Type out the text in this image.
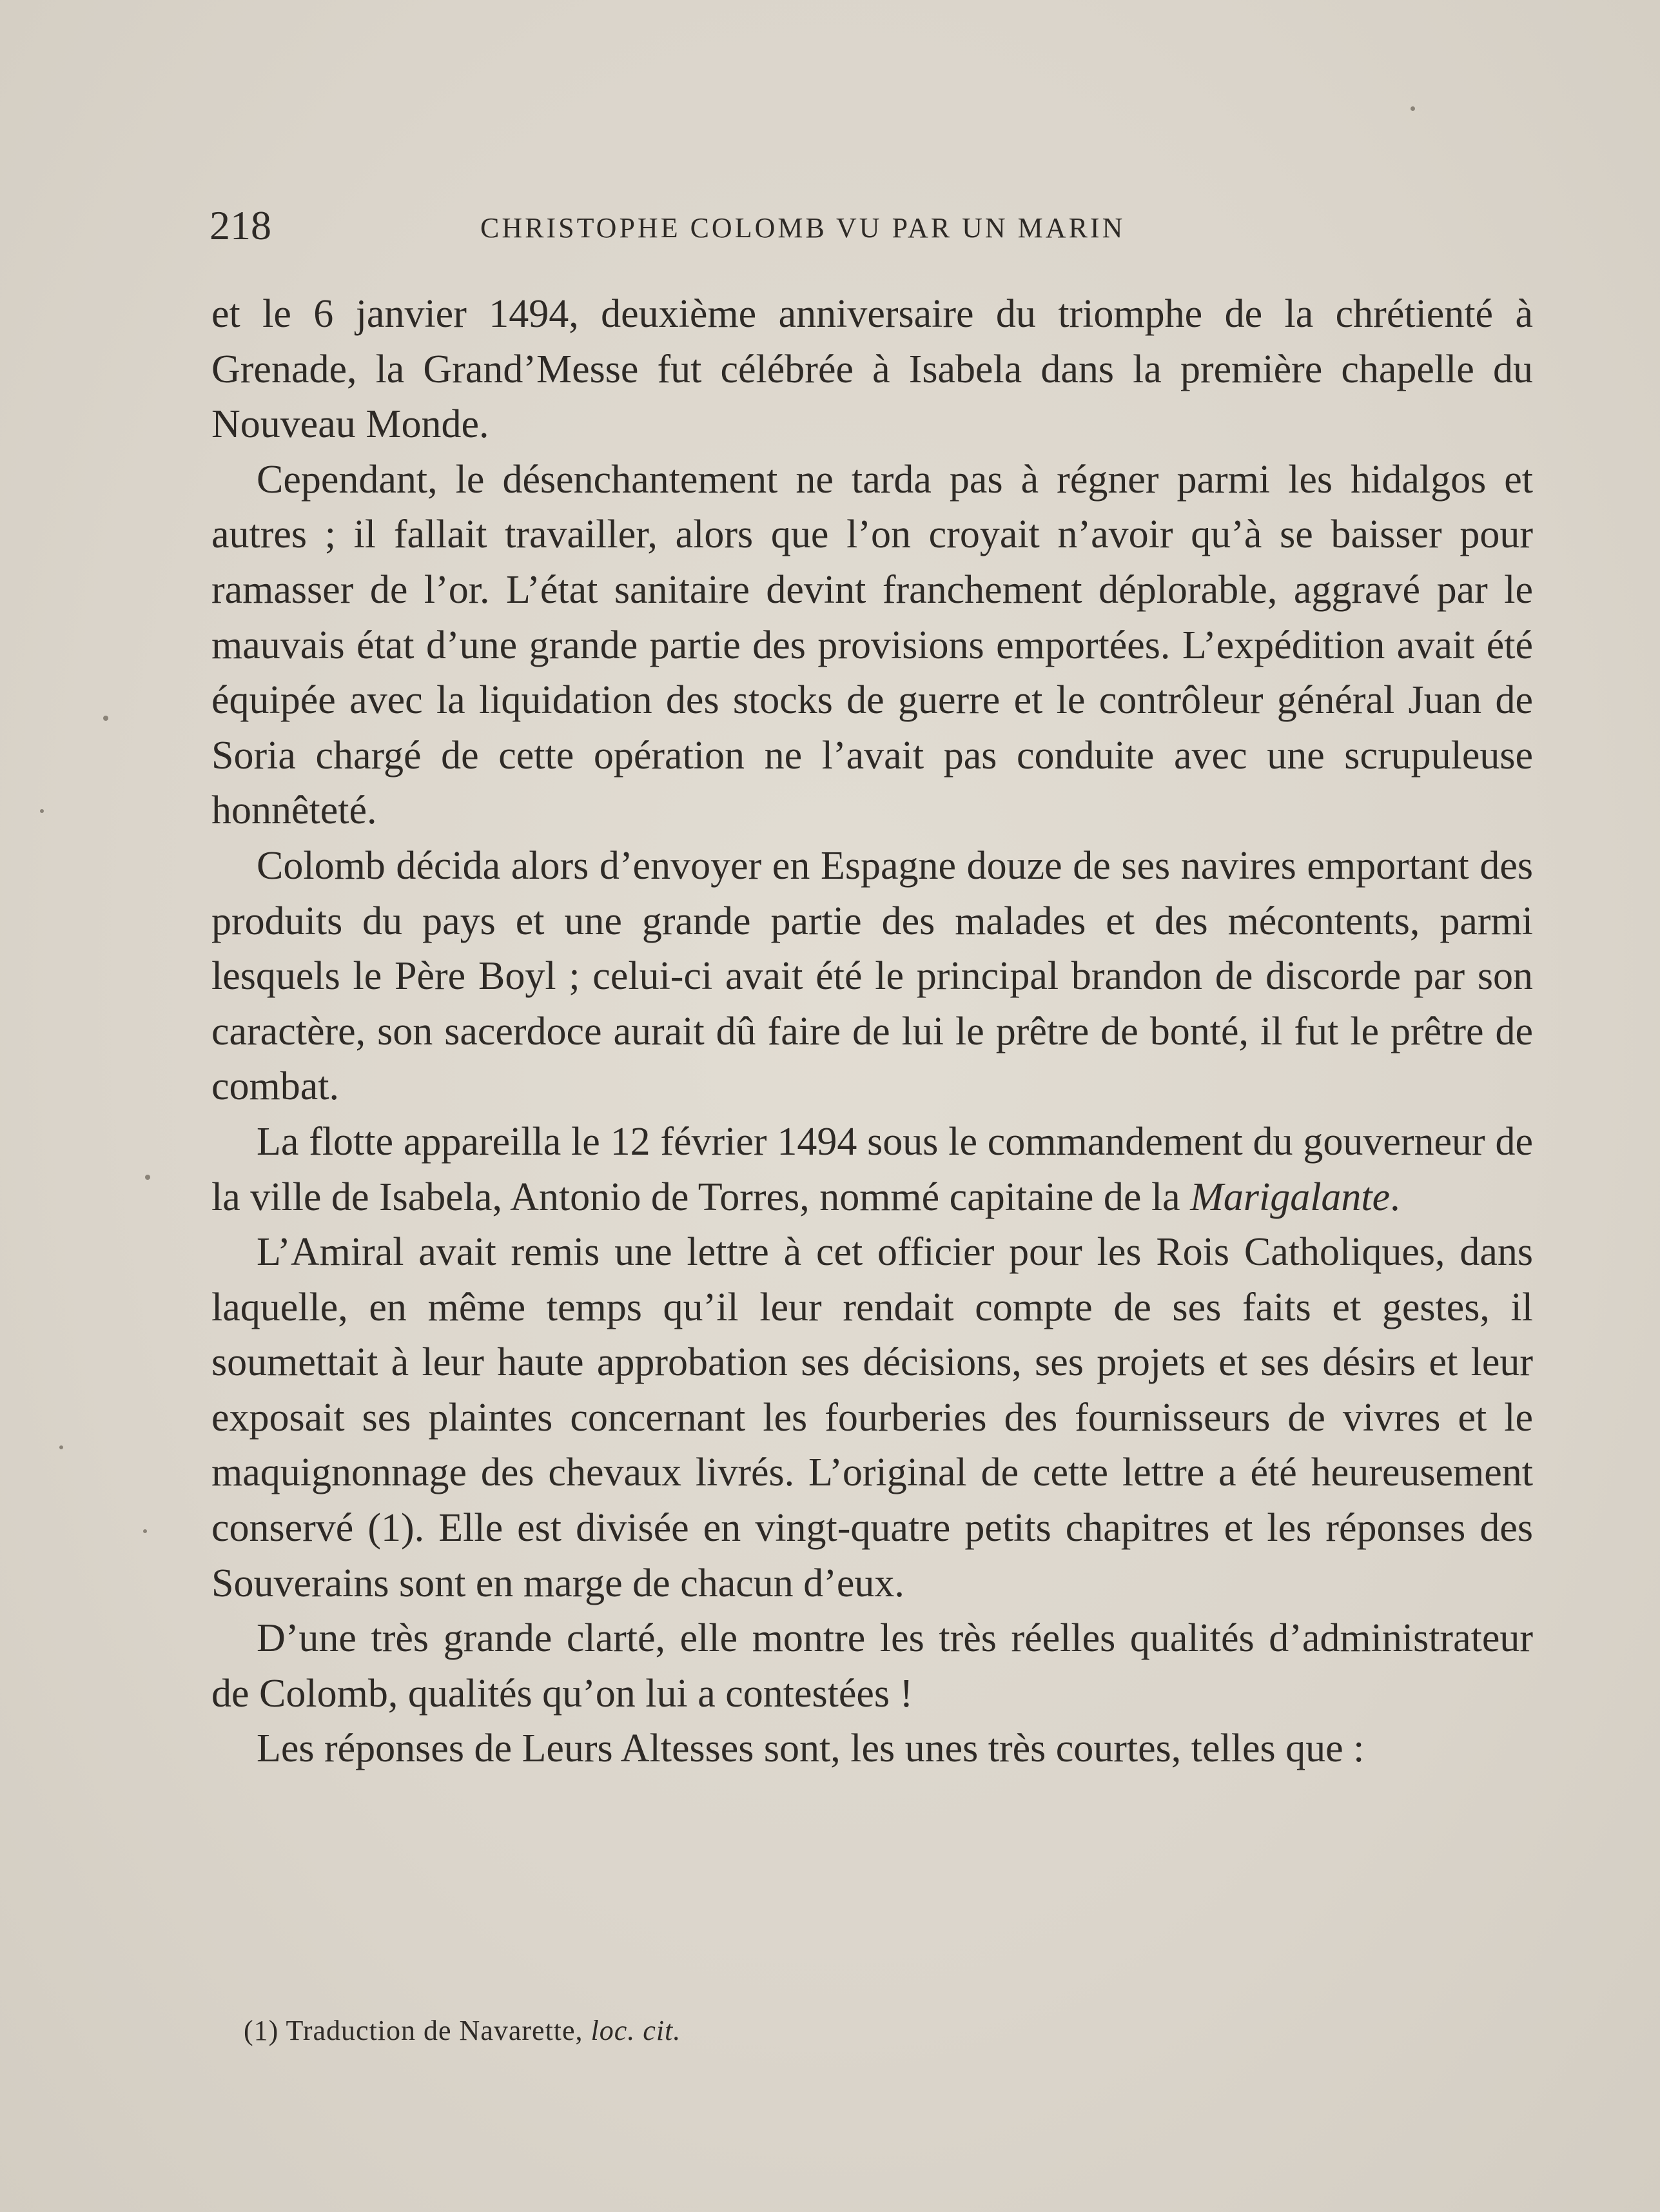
218	CHRISTOPHE COLOMB VU PAR UN MARIN

et le 6 janvier 1494, deuxième anniversaire du triomphe de la chrétienté à Grenade, la Grand’Messe fut célébrée à Isabela dans la première chapelle du Nouveau Monde.

Cependant, le désenchantement ne tarda pas à régner parmi les hidalgos et autres ; il fallait travailler, alors que l’on croyait n’avoir qu’à se baisser pour ramasser de l’or. L’état sanitaire devint franchement déplorable, aggravé par le mauvais état d’une grande partie des provisions emportées. L’expédition avait été équipée avec la liquidation des stocks de guerre et le contrôleur général Juan de Soria chargé de cette opération ne l’avait pas conduite avec une scrupuleuse honnêteté.

Colomb décida alors d’envoyer en Espagne douze de ses navires emportant des produits du pays et une grande partie des malades et des mécontents, parmi lesquels le Père Boyl ; celui-ci avait été le principal brandon de discorde par son caractère, son sacerdoce aurait dû faire de lui le prêtre de bonté, il fut le prêtre de combat.

La flotte appareilla le 12 février 1494 sous le commandement du gouverneur de la ville de Isabela, Antonio de Torres, nommé capitaine de la Marigalante.

L’Amiral avait remis une lettre à cet officier pour les Rois Catholiques, dans laquelle, en même temps qu’il leur rendait compte de ses faits et gestes, il soumettait à leur haute approbation ses décisions, ses projets et ses désirs et leur exposait ses plaintes concernant les fourberies des fournisseurs de vivres et le maquignonnage des chevaux livrés. L’original de cette lettre a été heureusement conservé (1). Elle est divisée en vingt-quatre petits chapitres et les réponses des Souverains sont en marge de chacun d’eux.

D’une très grande clarté, elle montre les très réelles qualités d’administrateur de Colomb, qualités qu’on lui a contestées !

Les réponses de Leurs Altesses sont, les unes très courtes, telles que :

(1) Traduction de Navarette, loc. cit.
